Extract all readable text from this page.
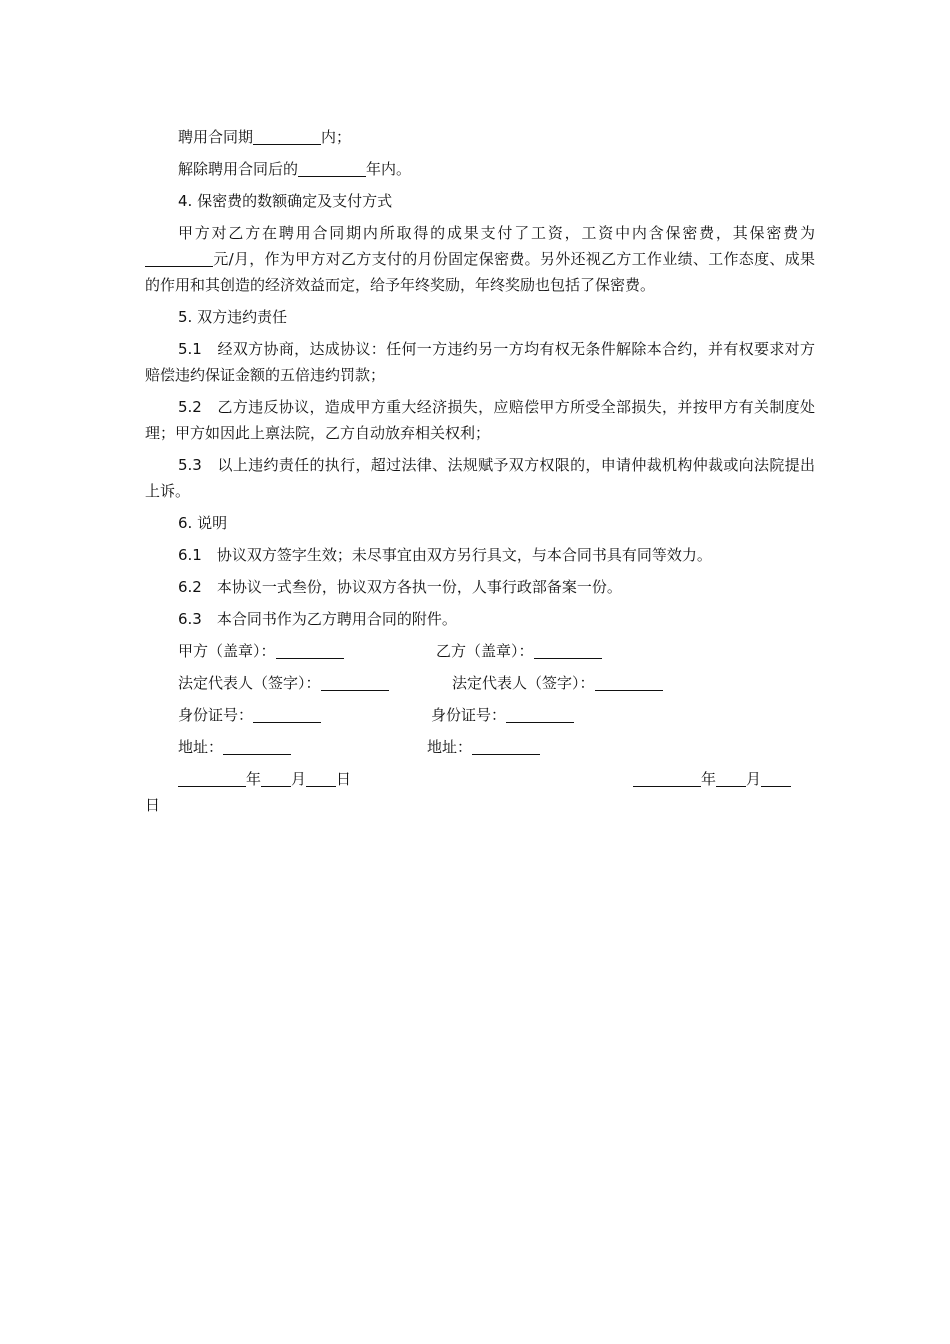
聘用合同期	内；

解除聘用合同后的	年内。

4. 保密费的数额确定及支付方式

甲方对乙方在聘用合同期内所取得的成果支付了工资，工资中内含保密费，其保密费为元/月，作为甲方对乙方支付的月份固定保密费。另外还视乙方工作业绩、工作态度、成果的作用和其创造的经济效益而定，给予年终奖励，年终奖励也包括了保密费。

5. 双方违约责任

5.1　经双方协商，达成协议：任何一方违约另一方均有权无条件解除本合约，并有权要求对方赔偿违约保证金额的五倍违约罚款；

5.2　乙方违反协议，造成甲方重大经济损失，应赔偿甲方所受全部损失，并按甲方有关制度处理；甲方如因此上禀法院，乙方自动放弃相关权利；

5.3　以上违约责任的执行，超过法律、法规赋予双方权限的，申请仲裁机构仲裁或向法院提出上诉。

6. 说明

6.1　协议双方签字生效；未尽事宜由双方另行具文，与本合同书具有同等效力。

6.2　本协议一式叁份，协议双方各执一份，人事行政部备案一份。

6.3　本合同书作为乙方聘用合同的附件。

甲方（盖章）：	乙方（盖章）：
法定代表人（签字）：	法定代表人（签字）：
身份证号：	身份证号：
地址：	地址：
年 月 日	年 月

日
